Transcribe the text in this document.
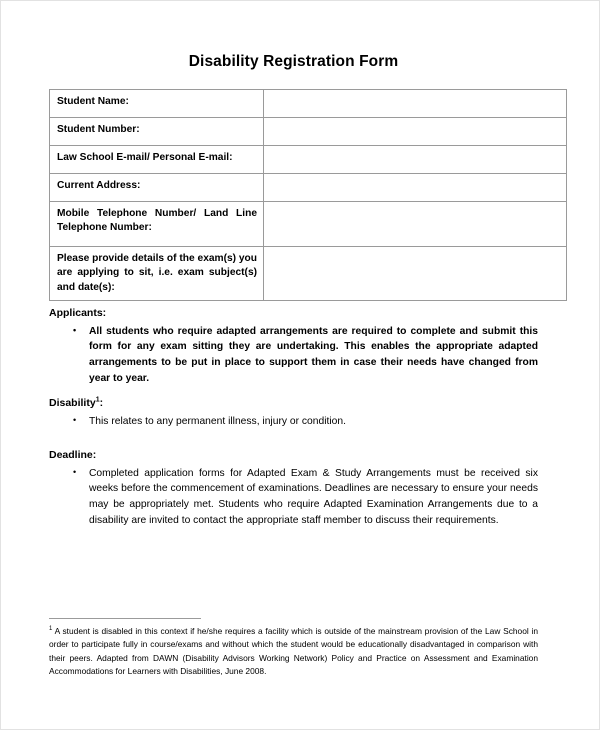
Disability Registration Form
Student Name:	

Student Number:	

Law School E-mail/ Personal E-mail:	

Current Address:	

Mobile Telephone Number/ Land Line Telephone Number:	

Please provide details of the exam(s) you are applying to sit, i.e. exam subject(s) and date(s):	

Applicants:
• All students who require adapted arrangements are required to complete and submit this form for any exam sitting they are undertaking. This enables the appropriate adapted arrangements to be put in place to support them in case their needs have changed from year to year.
Disability$^1$:
• This relates to any permanent illness, injury or condition.
Deadline:
• Completed application forms for Adapted Exam & Study Arrangements must be received six weeks before the commencement of examinations. Deadlines are necessary to ensure your needs may be appropriately met. Students who require Adapted Examination Arrangements due to a disability are invited to contact the appropriate staff member to discuss their requirements.
$^1$ A student is disabled in this context if he/she requires a facility which is outside of the mainstream provision of the Law School in order to participate fully in course/exams and without which the student would be educationally disadvantaged in comparison with their peers. Adapted from DAWN (Disability Advisors Working Network) Policy and Practice on Assessment and Examination Accommodations for Learners with Disabilities, June 2008.
